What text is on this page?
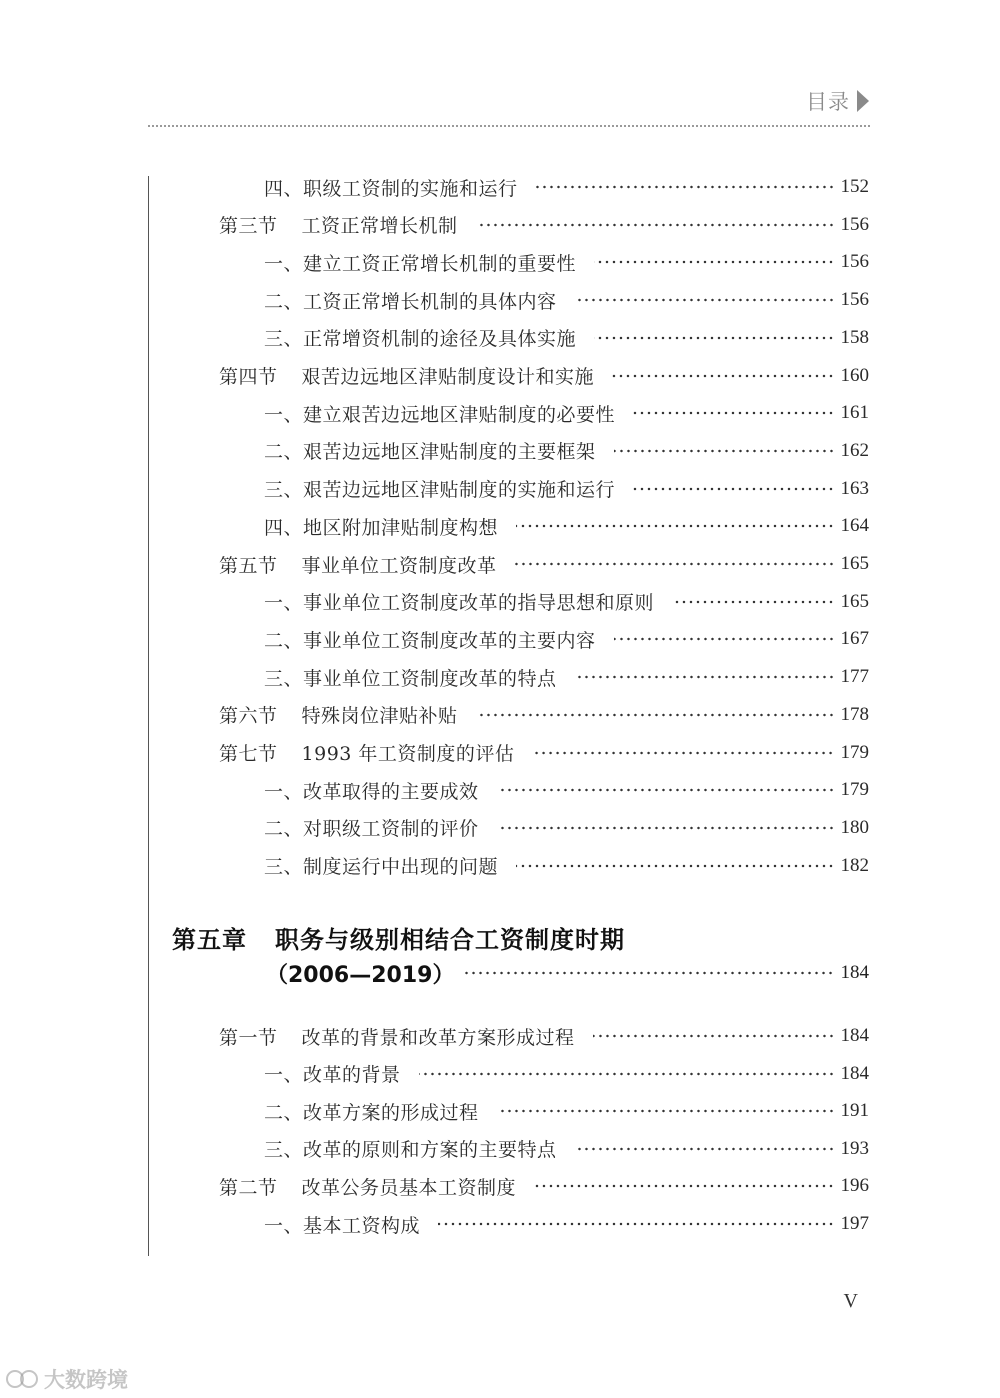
目录
四、职级工资制的实施和运行	152
第三节 工资正常增长机制	156
一、建立工资正常增长机制的重要性	156
二、工资正常增长机制的具体内容	156
三、正常增资机制的途径及具体实施	158
第四节 艰苦边远地区津贴制度设计和实施	160
一、建立艰苦边远地区津贴制度的必要性	161
二、艰苦边远地区津贴制度的主要框架	162
三、艰苦边远地区津贴制度的实施和运行	163
四、地区附加津贴制度构想	164
第五节 事业单位工资制度改革	165
一、事业单位工资制度改革的指导思想和原则	165
二、事业单位工资制度改革的主要内容	167
三、事业单位工资制度改革的特点	177
第六节 特殊岗位津贴补贴	178
第七节 1993 年工资制度的评估	179
一、改革取得的主要成效	179
二、对职级工资制的评价	180
三、制度运行中出现的问题	182
第五章 职务与级别相结合工资制度时期
（2006—2019）	184
第一节 改革的背景和改革方案形成过程	184
一、改革的背景	184
二、改革方案的形成过程	191
三、改革的原则和方案的主要特点	193
第二节 改革公务员基本工资制度	196
一、基本工资构成	197
V
大数跨境
